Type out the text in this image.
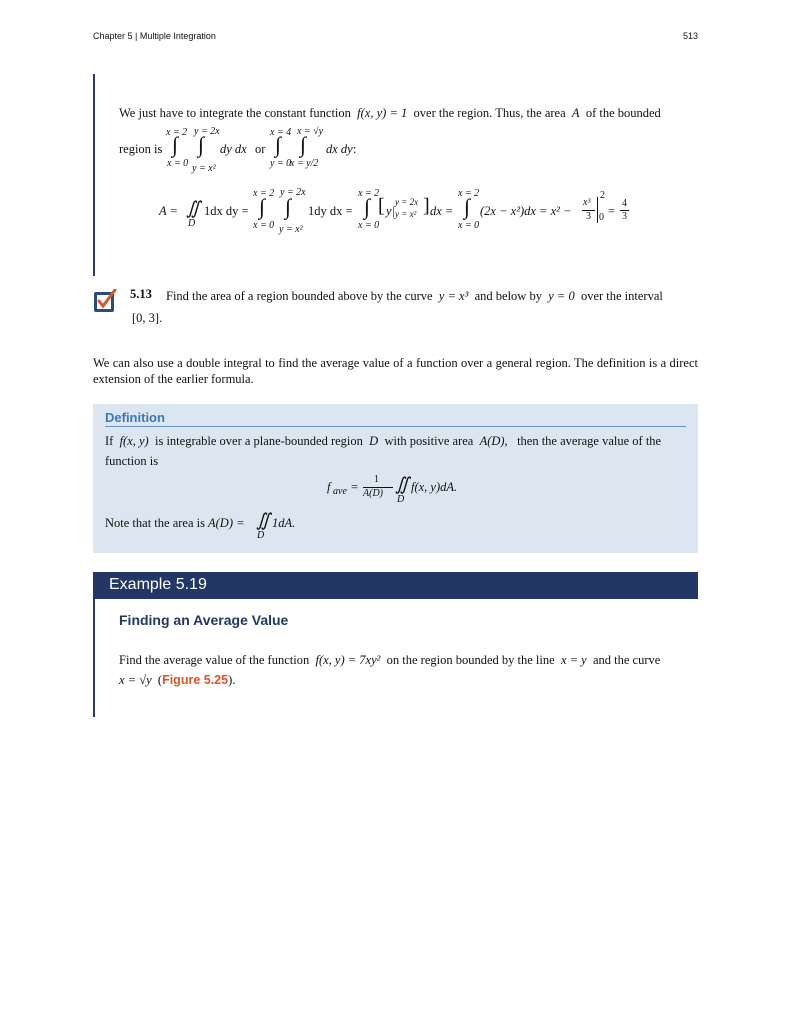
Chapter 5 | Multiple Integration	513
We just have to integrate the constant function f(x, y) = 1 over the region. Thus, the area A of the bounded
region is
x = 2 y = 2x
∫ ∫
x = 0 y = x²
dy dx or
x = 4 x = √y
∫ ∫
y = 0
x = y/2
dx dy :
A = ∬
D
1dx dy =
x = 2 y = 2x
∫ ∫
x = 0 y = x²
1dy dx =
x = 2
∫
x = 0
[ y|
y = 2x
y = x² ] dx =
x = 2
∫
x = 0
(2x − x²)dx = x² −
x³
3
2
0 =
4
3
5.13 Find the area of a region bounded above by the curve y = x³ and below by y = 0 over the interval
[0, 3].
We can also use a double integral to find the average value of a function over a general region. The definition is a direct extension of the earlier formula.
Definition
If f(x, y) is integrable over a plane-bounded region D with positive area A(D), then the average value of the
function is
f ave =
1
A(D) ∬
D
f(x, y)dA.
Note that the area is A(D) = ∬
D
1dA.
Example 5.19
Finding an Average Value
Find the average value of the function f(x, y) = 7xy² on the region bounded by the line x = y and the curve
x = √y (Figure 5.25).
